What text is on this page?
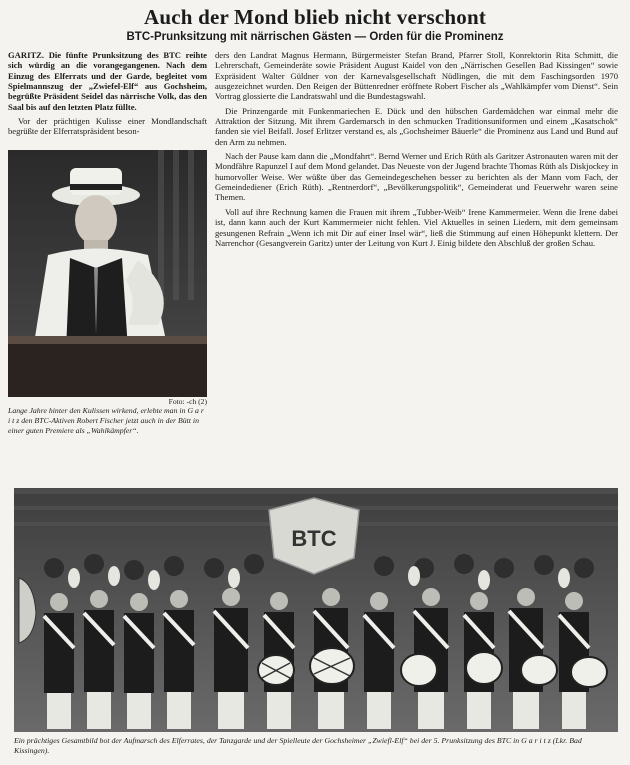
Auch der Mond blieb nicht verschont
BTC-Prunksitzung mit närrischen Gästen — Orden für die Prominenz

GARITZ. Die fünfte Prunksitzung des BTC reihte sich würdig an die vorangegangenen. Nach dem Einzug des Elferrats und der Garde, begleitet vom Spielmannszug der „Zwiefel-Elf“ aus Gochsheim, begrüßte Präsident Seidel das närrische Volk, das den Saal bis auf den letzten Platz füllte.

Vor der prächtigen Kulisse einer Mondlandschaft begrüßte der Elferratspräsident beson-

Foto: -ch (2)
Lange Jahre hinter den Kulissen wirkend, erlebte man in G a r i t z den BTC-Aktiven Robert Fischer jetzt auch in der Bütt in einer guten Premiere als „Wahlkämpfer“.

ders den Landrat Magnus Hermann, Bürgermeister Stefan Brand, Pfarrer Stoll, Konrektorin Rita Schmitt, die Lehrerschaft, Gemeinderäte sowie Präsident August Kaidel von den „Närrischen Gesellen Bad Kissingen“ sowie Expräsident Walter Güldner von der Karnevalsgesellschaft Nüdlingen, die mit dem Faschingsorden 1970 ausgezeichnet wurden. Den Reigen der Büttenredner eröffnete Robert Fischer als „Wahlkämpfer vom Dienst“. Sein Vortrag glossierte die Landratswahl und die Bundestagswahl.

Die Prinzengarde mit Funkenmariechen E. Dück und den hübschen Gardemädchen war einmal mehr die Attraktion der Sitzung. Mit ihrem Gardemarsch in den schmucken Traditionsuniformen und einem „Kasatschok“ fanden sie viel Beifall. Josef Erlitzer verstand es, als „Gochsheimer Bäuerle“ die Prominenz aus Land und Bund auf den Arm zu nehmen.

Nach der Pause kam dann die „Mondfahrt“. Bernd Werner und Erich Rüth als Garitzer Astronauten waren mit der Mondfähre Rapunzel I auf dem Mond gelandet. Das Neueste von der Jugend brachte Thomas Rüth als Diskjockey in humorvoller Weise. Wer wüßte über das Gemeindegeschehen besser zu berichten als der Mann vom Fach, der Gemeindediener (Erich Rüth). „Rentnerdorf“, „Bevölkerungspolitik“, Gemeinderat und Feuerwehr waren seine Themen.

Voll auf ihre Rechnung kamen die Frauen mit ihrem „Tubber-Weib“ Irene Kammermeier. Wenn die Irene dabei ist, dann kann auch der Kurt Kammermeier nicht fehlen. Viel Aktuelles in seinen Liedern, mit dem gemeinsam gesungenen Refrain „Wenn ich mit Dir auf einer Insel wär“, ließ die Stimmung auf einen Höhepunkt klettern. Der Narrenchor (Gesangverein Garitz) unter der Leitung von Kurt J. Einig bildete den Abschluß der großen Schau.

BTC
Ein prächtiges Gesamtbild bot der Aufmarsch des Elferrates, der Tanzgarde und der Spielleute der Gochsheimer „Zwiefl-Elf“ bei der 5. Prunksitzung des BTC in G a r i t z (Lkr. Bad Kissingen).
